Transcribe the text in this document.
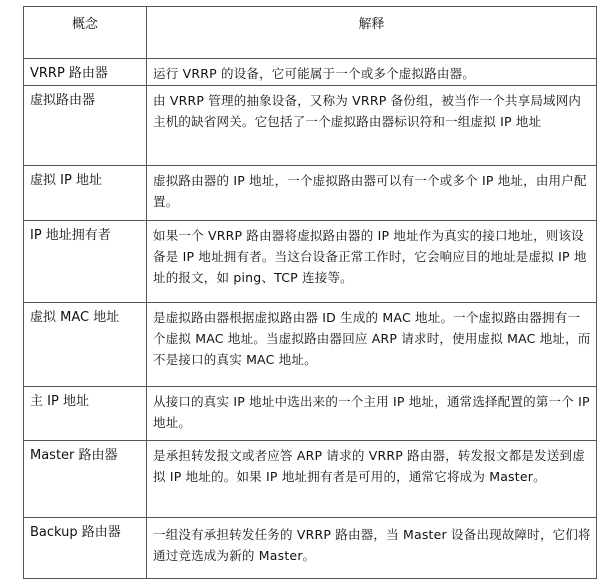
概念	解释
VRRP 路由器	运行 VRRP 的设备，它可能属于一个或多个虚拟路由器。
虚拟路由器	由 VRRP 管理的抽象设备，又称为 VRRP 备份组，被当作一个共享局域网内主机的缺省网关。它包括了一个虚拟路由器标识符和一组虚拟 IP 地址
虚拟 IP 地址	虚拟路由器的 IP 地址，一个虚拟路由器可以有一个或多个 IP 地址，由用户配置。
IP 地址拥有者	如果一个 VRRP 路由器将虚拟路由器的 IP 地址作为真实的接口地址，则该设备是 IP 地址拥有者。当这台设备正常工作时，它会响应目的地址是虚拟 IP 地址的报文，如 ping、TCP 连接等。
虚拟 MAC 地址	是虚拟路由器根据虚拟路由器 ID 生成的 MAC 地址。一个虚拟路由器拥有一个虚拟 MAC 地址。当虚拟路由器回应 ARP 请求时，使用虚拟 MAC 地址，而不是接口的真实 MAC 地址。
主 IP 地址	从接口的真实 IP 地址中选出来的一个主用 IP 地址，通常选择配置的第一个 IP 地址。
Master 路由器	是承担转发报文或者应答 ARP 请求的 VRRP 路由器，转发报文都是发送到虚拟 IP 地址的。如果 IP 地址拥有者是可用的，通常它将成为 Master。
Backup 路由器	一组没有承担转发任务的 VRRP 路由器，当 Master 设备出现故障时，它们将通过竞选成为新的 Master。
